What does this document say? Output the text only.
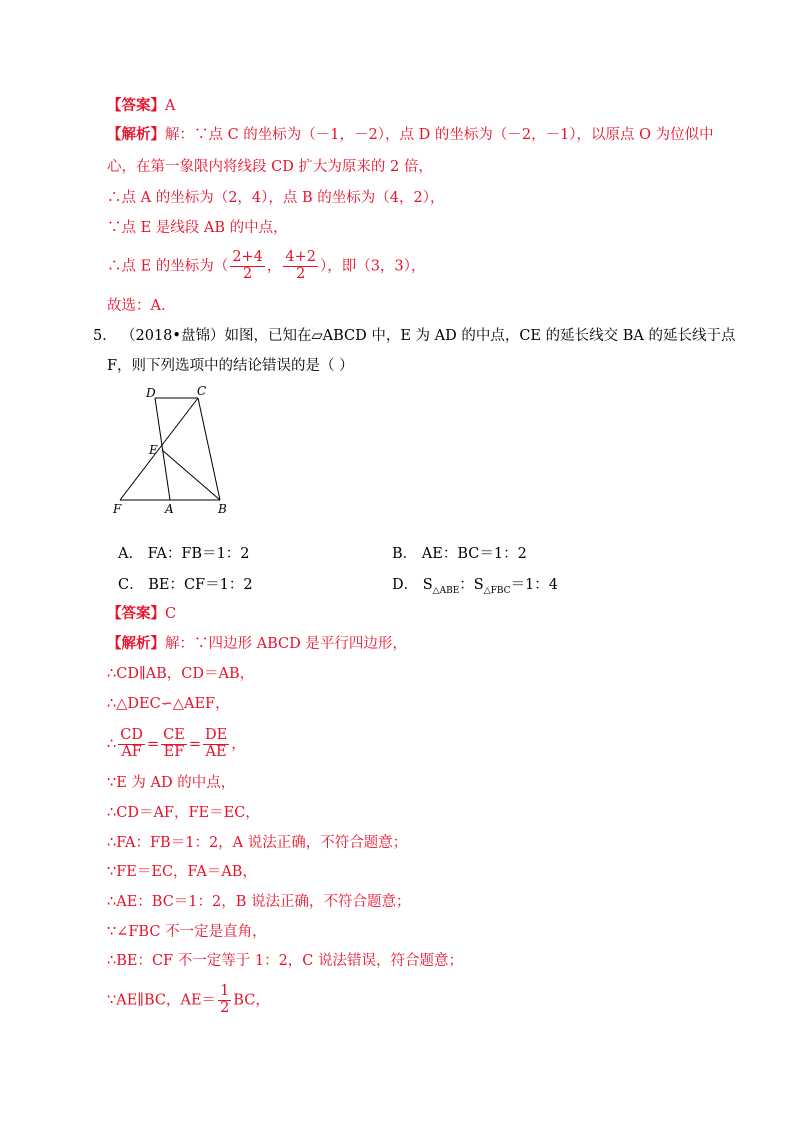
【答案】A
【解析】解：∵点 C 的坐标为（－1，－2），点 D 的坐标为（－2，－1），以原点 O 为位似中
心，在第一象限内将线段 CD 扩大为原来的 2 倍，
∴点 A 的坐标为（2，4），点 B 的坐标为（4，2），
∵点 E 是线段 AB 的中点，
∴点 E 的坐标为（ $\frac{2+4}{2}$ ， $\frac{4+2}{2}$ ），即（3，3），
故选：A．
5． （2018•盘锦）如图，已知在▱ABCD 中，E 为 AD 的中点，CE 的延长线交 BA 的延长线于点
F，则下列选项中的结论错误的是（ ）
D	C
E
F	A	B
A． FA：FB＝1：2	B． AE：BC＝1：2
C． BE：CF＝1：2	D． $S_{\triangle ABE}$：$S_{\triangle FBC}=1$：4
【答案】C
【解析】解：∵四边形 ABCD 是平行四边形，
∴CD∥AB，CD＝AB，
∴△DEC∽△AEF，
∴ $\frac{CD}{AF} = \frac{CE}{EF} = \frac{DE}{AE}$ ，
∵E 为 AD 的中点，
∴CD＝AF，FE＝EC，
∴FA：FB＝1：2，A 说法正确，不符合题意；
∵FE＝EC，FA＝AB，
∴AE：BC＝1：2，B 说法正确，不符合题意；
∵∠FBC 不一定是直角，
∴BE：CF 不一定等于 1：2，C 说法错误，符合题意；
∵AE∥BC，$AE= \frac{1}{2}$ BC，
